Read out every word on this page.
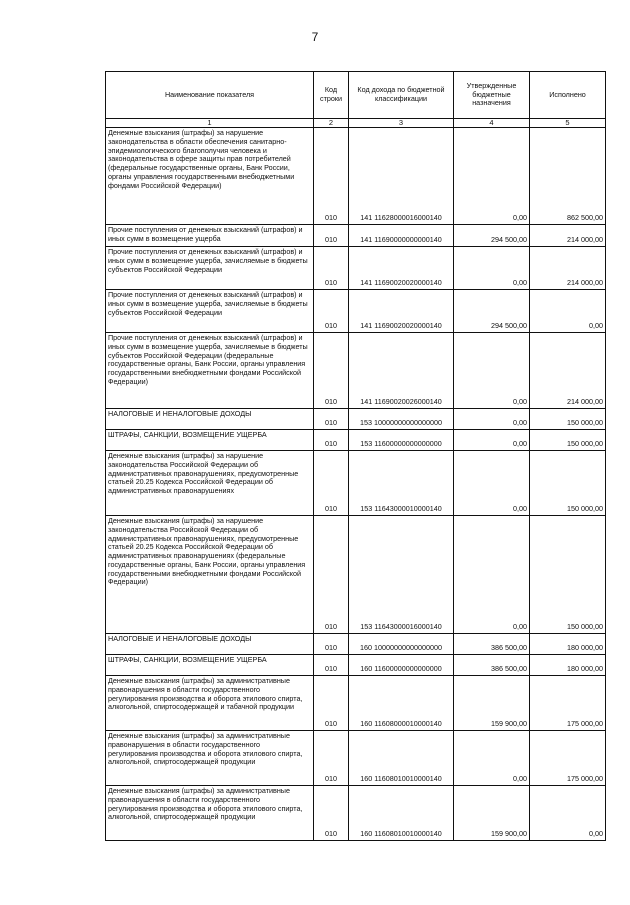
7
Наименование показателя	Код строки	Код дохода по бюджетной классификации	Утвержденные бюджетные назначения	Исполнено
1	2	3	4	5
Денежные взыскания (штрафы) за нарушение законодательства в области обеспечения санитарно-эпидемиологического благополучия человека и законодательства в сфере защиты прав потребителей (федеральные государственные органы, Банк России, органы управления государственными внебюджетными фондами Российской Федерации)	010	141 11628000016000140	0,00	862 500,00
Прочие поступления от денежных взысканий (штрафов) и иных сумм в возмещение ущерба	010	141 11690000000000140	294 500,00	214 000,00
Прочие поступления от денежных взысканий (штрафов) и иных сумм в возмещение ущерба, зачисляемые в бюджеты субъектов Российской Федерации	010	141 11690020020000140	0,00	214 000,00
Прочие поступления от денежных взысканий (штрафов) и иных сумм в возмещение ущерба, зачисляемые в бюджеты субъектов Российской Федерации	010	141 11690020020000140	294 500,00	0,00
Прочие поступления от денежных взысканий (штрафов) и иных сумм в возмещение ущерба, зачисляемые в бюджеты субъектов Российской Федерации (федеральные государственные органы, Банк России, органы управления государственными внебюджетными фондами Российской Федерации)	010	141 11690020026000140	0,00	214 000,00
НАЛОГОВЫЕ И НЕНАЛОГОВЫЕ ДОХОДЫ	010	153 10000000000000000	0,00	150 000,00
ШТРАФЫ, САНКЦИИ, ВОЗМЕЩЕНИЕ УЩЕРБА	010	153 11600000000000000	0,00	150 000,00
Денежные взыскания (штрафы) за нарушение законодательства Российской Федерации об административных правонарушениях, предусмотренные статьей 20.25 Кодекса Российской Федерации об административных правонарушениях	010	153 11643000010000140	0,00	150 000,00
Денежные взыскания (штрафы) за нарушение законодательства Российской Федерации об административных правонарушениях, предусмотренные статьей 20.25 Кодекса Российской Федерации об административных правонарушениях (федеральные государственные органы, Банк России, органы управления государственными внебюджетными фондами Российской Федерации)	010	153 11643000016000140	0,00	150 000,00
НАЛОГОВЫЕ И НЕНАЛОГОВЫЕ ДОХОДЫ	010	160 10000000000000000	386 500,00	180 000,00
ШТРАФЫ, САНКЦИИ, ВОЗМЕЩЕНИЕ УЩЕРБА	010	160 11600000000000000	386 500,00	180 000,00
Денежные взыскания (штрафы) за административные правонарушения в области государственного регулирования производства и оборота этилового спирта, алкогольной, спиртосодержащей и табачной продукции	010	160 11608000010000140	159 900,00	175 000,00
Денежные взыскания (штрафы) за административные правонарушения в области государственного регулирования производства и оборота этилового спирта, алкогольной, спиртосодержащей продукции	010	160 11608010010000140	0,00	175 000,00
Денежные взыскания (штрафы) за административные правонарушения в области государственного регулирования производства и оборота этилового спирта, алкогольной, спиртосодержащей продукции	010	160 11608010010000140	159 900,00	0,00
